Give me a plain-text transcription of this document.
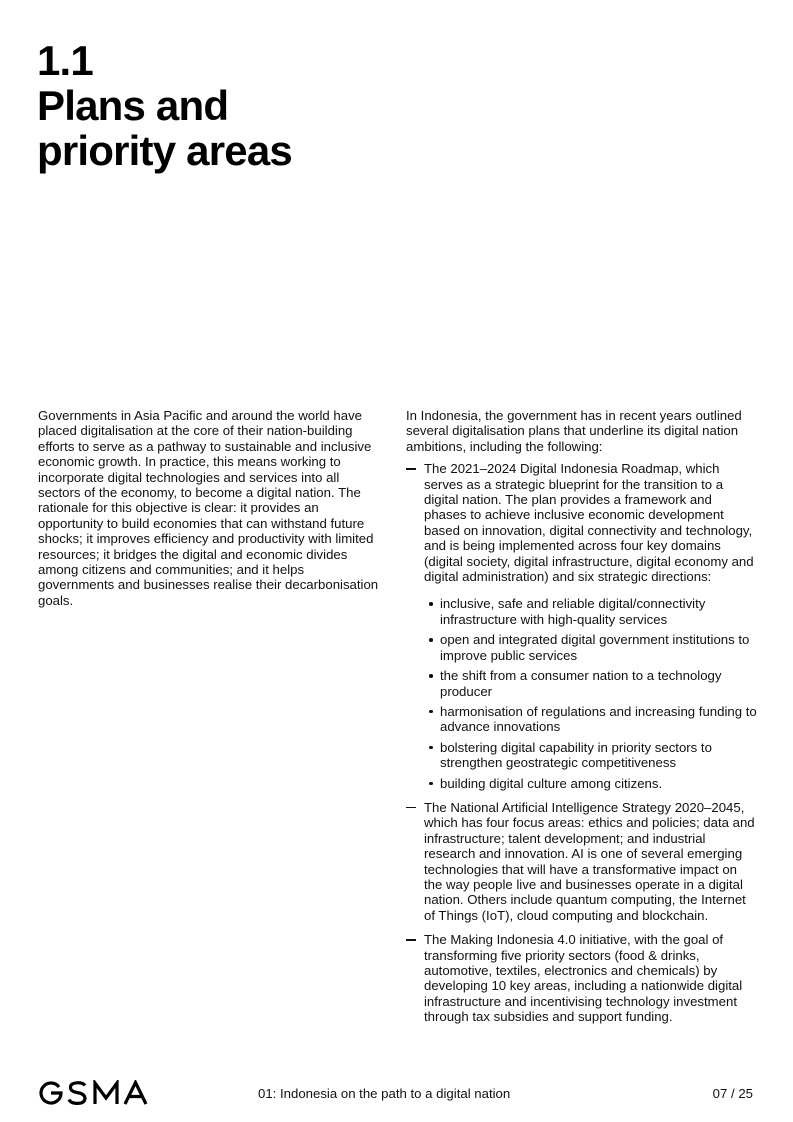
1.1
Plans and
priority areas

Governments in Asia Pacific and around the world have placed digitalisation at the core of their nation-building efforts to serve as a pathway to sustainable and inclusive economic growth. In practice, this means working to incorporate digital technologies and services into all sectors of the economy, to become a digital nation. The rationale for this objective is clear: it provides an opportunity to build economies that can withstand future shocks; it improves efficiency and productivity with limited resources; it bridges the digital and economic divides among citizens and communities; and it helps governments and businesses realise their decarbonisation goals.

In Indonesia, the government has in recent years outlined several digitalisation plans that underline its digital nation ambitions, including the following:

The 2021–2024 Digital Indonesia Roadmap, which serves as a strategic blueprint for the transition to a digital nation. The plan provides a framework and phases to achieve inclusive economic development based on innovation, digital connectivity and technology, and is being implemented across four key domains (digital society, digital infrastructure, digital economy and digital administration) and six strategic directions:
inclusive, safe and reliable digital/connectivity infrastructure with high-quality services
open and integrated digital government institutions to improve public services
the shift from a consumer nation to a technology producer
harmonisation of regulations and increasing funding to advance innovations
bolstering digital capability in priority sectors to strengthen geostrategic competitiveness
building digital culture among citizens.
The National Artificial Intelligence Strategy 2020–2045, which has four focus areas: ethics and policies; data and infrastructure; talent development; and industrial research and innovation. AI is one of several emerging technologies that will have a transformative impact on the way people live and businesses operate in a digital nation. Others include quantum computing, the Internet of Things (IoT), cloud computing and blockchain.
The Making Indonesia 4.0 initiative, with the goal of transforming five priority sectors (food & drinks, automotive, textiles, electronics and chemicals) by developing 10 key areas, including a nationwide digital infrastructure and incentivising technology investment through tax subsidies and support funding.
01: Indonesia on the path to a digital nation	07 / 25
